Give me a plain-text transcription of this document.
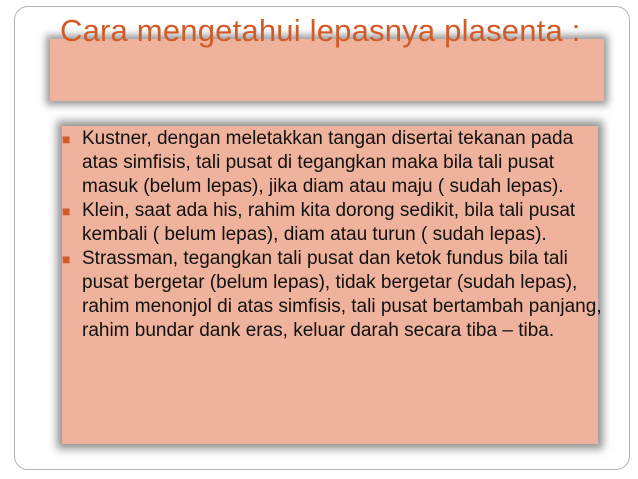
Cara mengetahui lepasnya plasenta :
■ Kustner, dengan meletakkan tangan disertai tekanan pada atas simfisis, tali pusat di tegangkan maka bila tali pusat masuk (belum lepas), jika diam atau maju ( sudah lepas).
■ Klein, saat ada his, rahim kita dorong sedikit, bila tali pusat kembali ( belum lepas), diam atau turun ( sudah lepas).
■ Strassman, tegangkan tali pusat dan ketok fundus bila tali pusat bergetar (belum lepas), tidak bergetar (sudah lepas), rahim menonjol di atas simfisis, tali pusat bertambah panjang, rahim bundar dank eras, keluar darah secara tiba – tiba.
